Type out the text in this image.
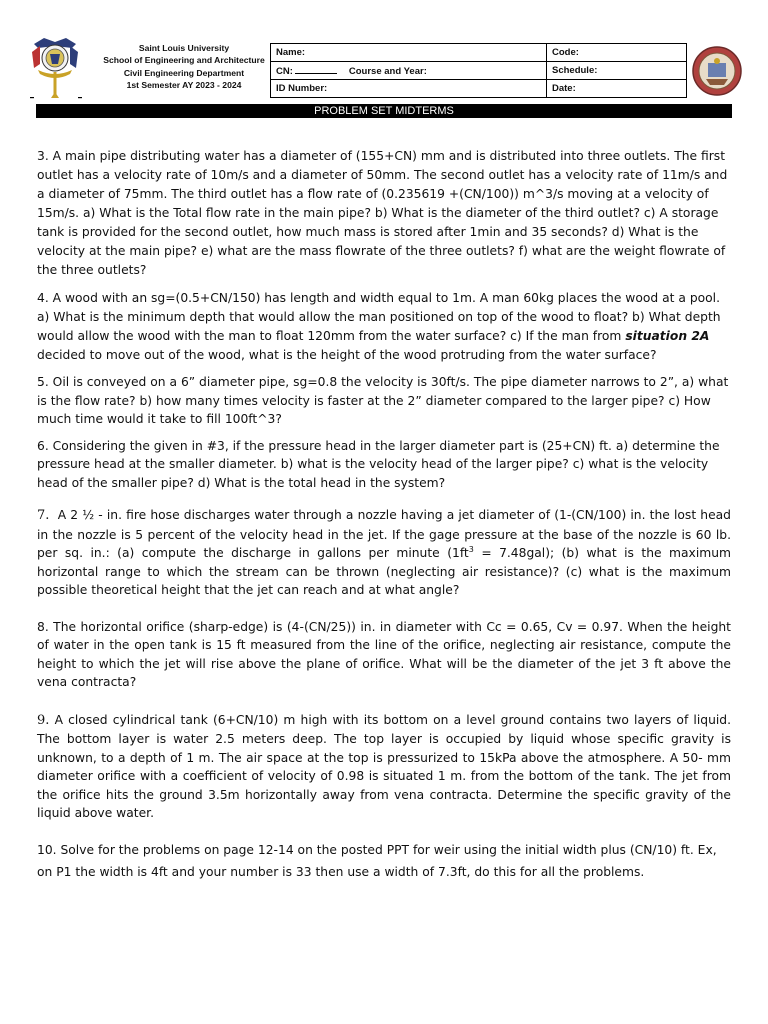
Saint Louis University
School of Engineering and Architecture
Civil Engineering Department
1st Semester AY 2023 - 2024
Name:	Code:
CN: Course and Year:	Schedule:
ID Number:	Date:
PROBLEM SET MIDTERMS

3. A main pipe distributing water has a diameter of (155+CN) mm and is distributed into three outlets. The first outlet has a velocity rate of 10m/s and a diameter of 50mm. The second outlet has a velocity rate of 11m/s and a diameter of 75mm. The third outlet has a flow rate of (0.235619 +(CN/100)) m^3/s moving at a velocity of 15m/s. a) What is the Total flow rate in the main pipe? b) What is the diameter of the third outlet? c) A storage tank is provided for the second outlet, how much mass is stored after 1min and 35 seconds? d) What is the velocity at the main pipe? e) what are the mass flowrate of the three outlets? f) what are the weight flowrate of the three outlets?

4. A wood with an sg=(0.5+CN/150) has length and width equal to 1m. A man 60kg places the wood at a pool. a) What is the minimum depth that would allow the man positioned on top of the wood to float? b) What depth would allow the wood with the man to float 120mm from the water surface? c) If the man from situation 2A decided to move out of the wood, what is the height of the wood protruding from the water surface?

5. Oil is conveyed on a 6” diameter pipe, sg=0.8 the velocity is 30ft/s. The pipe diameter narrows to 2”, a) what is the flow rate? b) how many times velocity is faster at the 2” diameter compared to the larger pipe? c) How much time would it take to fill 100ft^3?

6. Considering the given in #3, if the pressure head in the larger diameter part is (25+CN) ft. a) determine the pressure head at the smaller diameter. b) what is the velocity head of the larger pipe? c) what is the velocity head of the smaller pipe? d) What is the total head in the system?

7. A 2 ½ - in. fire hose discharges water through a nozzle having a jet diameter of (1-(CN/100) in. the lost head in the nozzle is 5 percent of the velocity head in the jet. If the gage pressure at the base of the nozzle is 60 lb. per sq. in.: (a) compute the discharge in gallons per minute $(1ft^3 = 7.48gal)$; (b) what is the maximum horizontal range to which the stream can be thrown (neglecting air resistance)? (c) what is the maximum possible theoretical height that the jet can reach and at what angle?

8. The horizontal orifice (sharp-edge) is (4-(CN/25)) in. in diameter with Cc = 0.65, Cv = 0.97. When the height of water in the open tank is 15 ft measured from the line of the orifice, neglecting air resistance, compute the height to which the jet will rise above the plane of orifice. What will be the diameter of the jet 3 ft above the vena contracta?

9. A closed cylindrical tank (6+CN/10) m high with its bottom on a level ground contains two layers of liquid. The bottom layer is water 2.5 meters deep. The top layer is occupied by liquid whose specific gravity is unknown, to a depth of 1 m. The air space at the top is pressurized to 15kPa above the atmosphere. A 50- mm diameter orifice with a coefficient of velocity of 0.98 is situated 1 m. from the bottom of the tank. The jet from the orifice hits the ground 3.5m horizontally away from vena contracta. Determine the specific gravity of the liquid above water.

10. Solve for the problems on page 12-14 on the posted PPT for weir using the initial width plus (CN/10) ft. Ex, on P1 the width is 4ft and your number is 33 then use a width of 7.3ft, do this for all the problems.
